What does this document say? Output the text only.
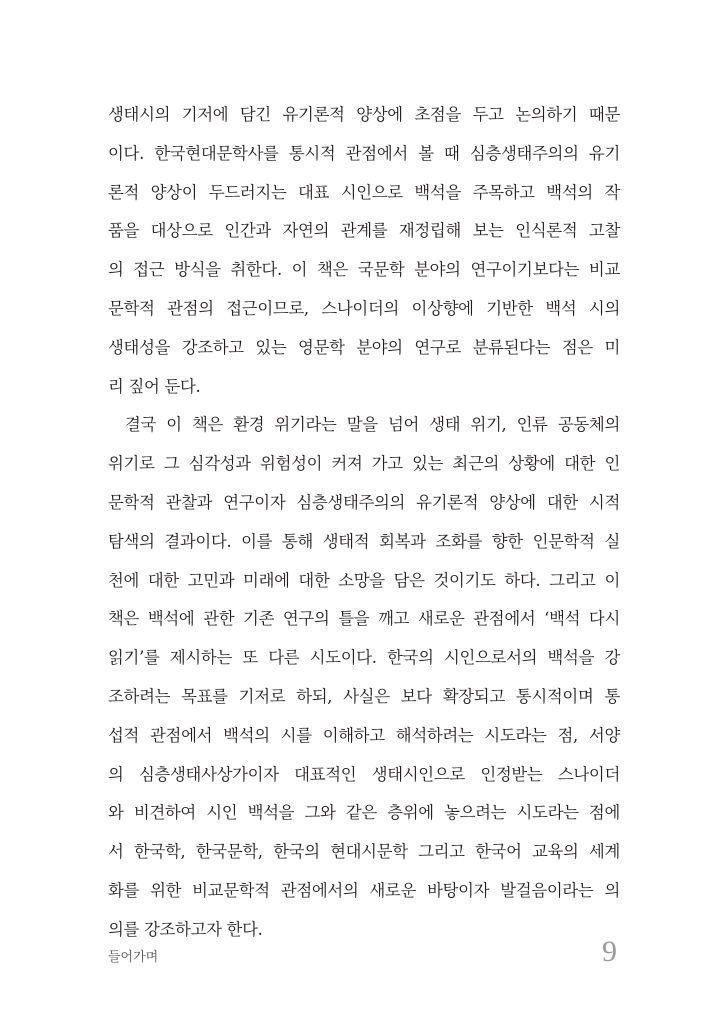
생태시의 기저에 담긴 유기론적 양상에 초점을 두고 논의하기 때문
이다. 한국현대문학사를 통시적 관점에서 볼 때 심층생태주의의 유기
론적 양상이 두드러지는 대표 시인으로 백석을 주목하고 백석의 작
품을 대상으로 인간과 자연의 관계를 재정립해 보는 인식론적 고찰
의 접근 방식을 취한다. 이 책은 국문학 분야의 연구이기보다는 비교
문학적 관점의 접근이므로, 스나이더의 이상향에 기반한 백석 시의
생태성을 강조하고 있는 영문학 분야의 연구로 분류된다는 점은 미
리 짚어 둔다.
결국 이 책은 환경 위기라는 말을 넘어 생태 위기, 인류 공동체의
위기로 그 심각성과 위험성이 커져 가고 있는 최근의 상황에 대한 인
문학적 관찰과 연구이자 심층생태주의의 유기론적 양상에 대한 시적
탐색의 결과이다. 이를 통해 생태적 회복과 조화를 향한 인문학적 실
천에 대한 고민과 미래에 대한 소망을 담은 것이기도 하다. 그리고 이
책은 백석에 관한 기존 연구의 틀을 깨고 새로운 관점에서 ‘백석 다시
읽기’를 제시하는 또 다른 시도이다. 한국의 시인으로서의 백석을 강
조하려는 목표를 기저로 하되, 사실은 보다 확장되고 통시적이며 통
섭적 관점에서 백석의 시를 이해하고 해석하려는 시도라는 점, 서양
의 심층생태사상가이자 대표적인 생태시인으로 인정받는 스나이더
와 비견하여 시인 백석을 그와 같은 층위에 놓으려는 시도라는 점에
서 한국학, 한국문학, 한국의 현대시문학 그리고 한국어 교육의 세계
화를 위한 비교문학적 관점에서의 새로운 바탕이자 발걸음이라는 의
의를 강조하고자 한다.
들어가며	9
